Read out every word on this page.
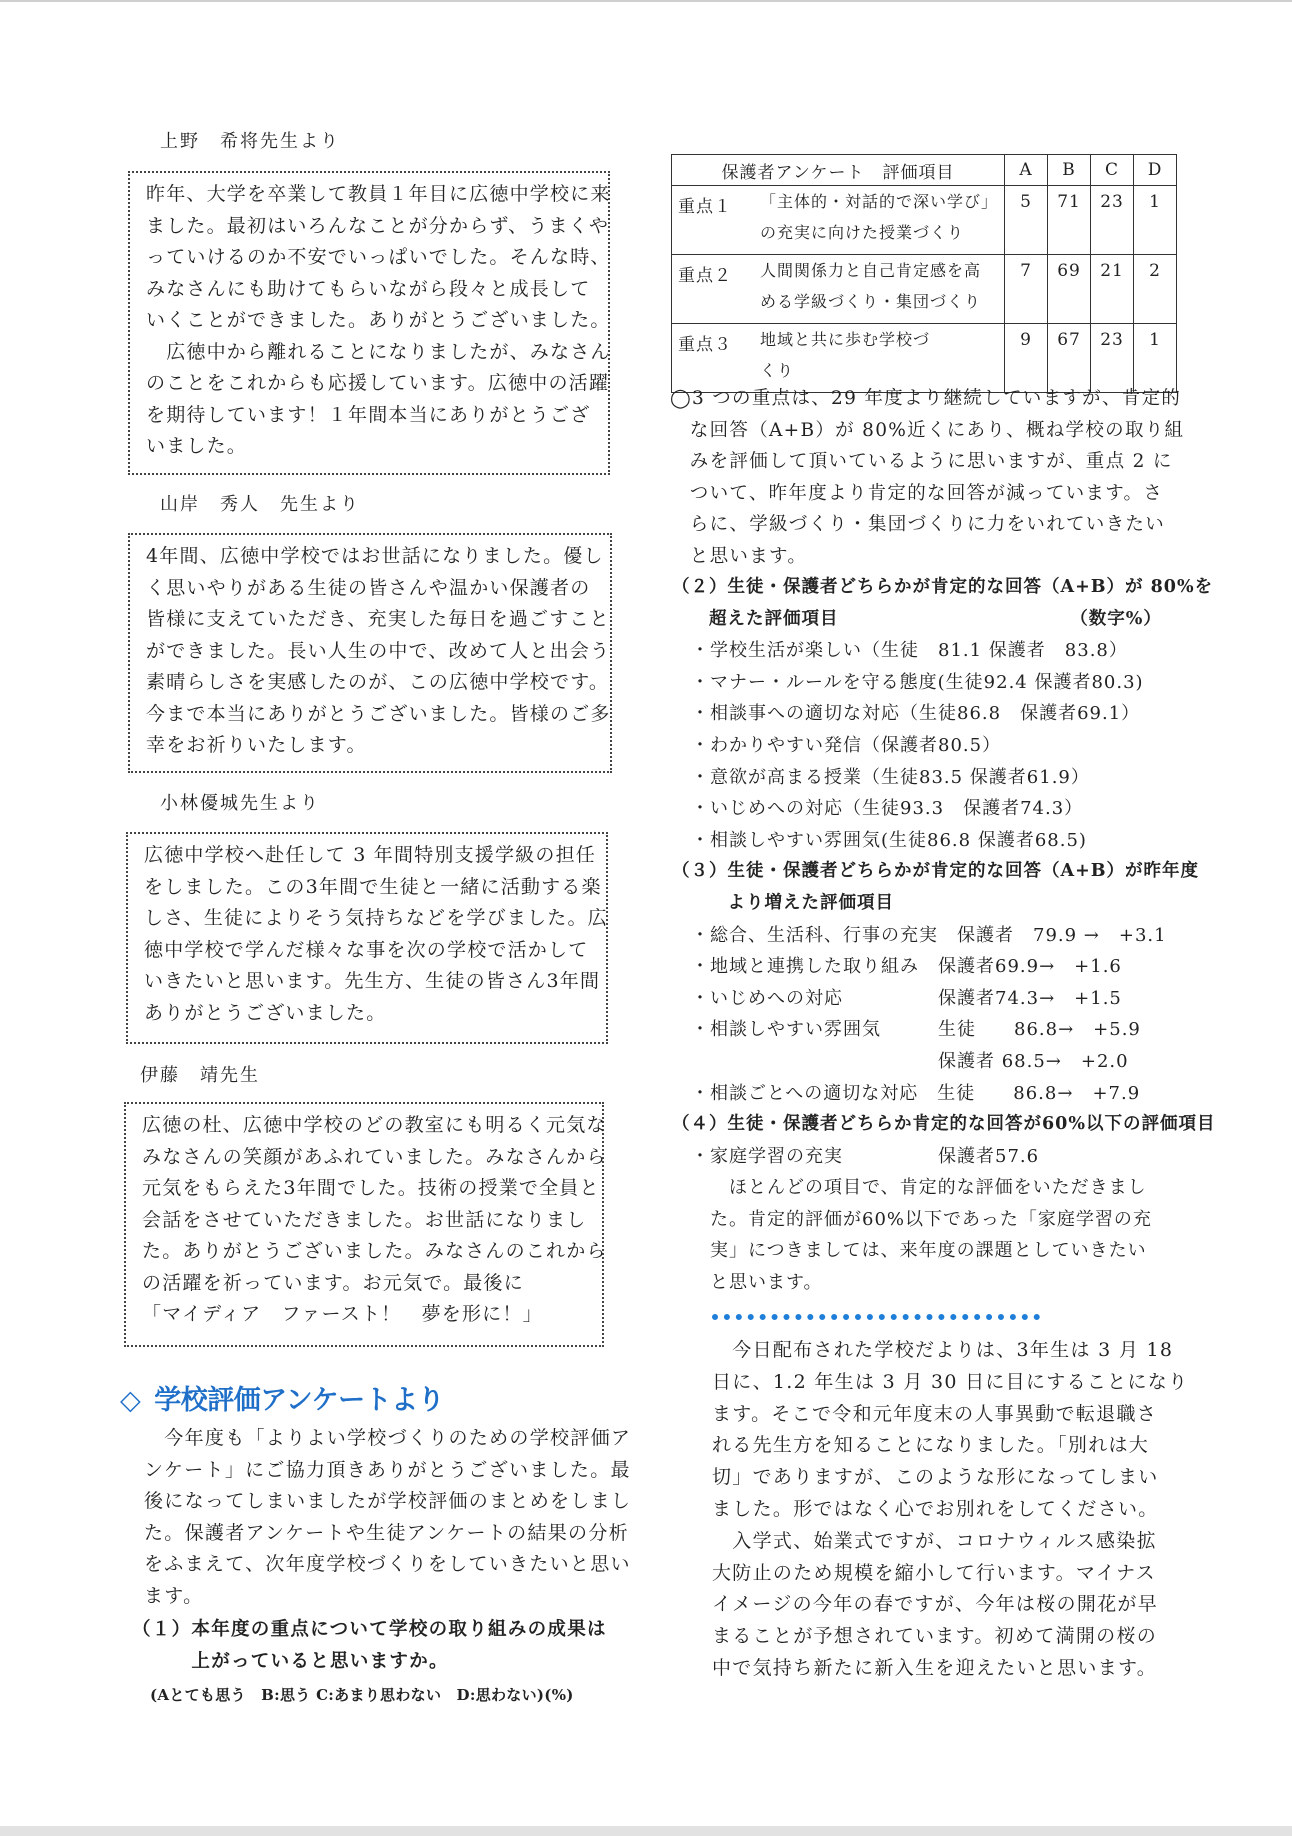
上野　希将先生より

昨年、大学を卒業して教員１年目に広徳中学校に来

ました。最初はいろんなことが分からず、うまくや

っていけるのか不安でいっぱいでした。そんな時、

みなさんにも助けてもらいながら段々と成長して

いくことができました。ありがとうございました。

　広徳中から離れることになりましたが、みなさん

のことをこれからも応援しています。広徳中の活躍

を期待しています！１年間本当にありがとうござ

いました。

山岸　秀人　先生より

4年間、広徳中学校ではお世話になりました。優し

く思いやりがある生徒の皆さんや温かい保護者の

皆様に支えていただき、充実した毎日を過ごすこと

ができました。長い人生の中で、改めて人と出会う

素晴らしさを実感したのが、この広徳中学校です。

今まで本当にありがとうございました。皆様のご多

幸をお祈りいたします。

小林優城先生より

広徳中学校へ赴任して 3 年間特別支援学級の担任

をしました。この3年間で生徒と一緒に活動する楽

しさ、生徒によりそう気持ちなどを学びました。広

徳中学校で学んだ様々な事を次の学校で活かして

いきたいと思います。先生方、生徒の皆さん3年間

ありがとうございました。

伊藤　靖先生

広徳の杜、広徳中学校のどの教室にも明るく元気な

みなさんの笑顔があふれていました。みなさんから

元気をもらえた3年間でした。技術の授業で全員と

会話をさせていただきました。お世話になりまし

た。ありがとうございました。みなさんのこれから

の活躍を祈っています。お元気で。最後に

「マイディア　ファースト！　夢を形に！」

◇ 学校評価アンケートより
　今年度も「よりよい学校づくりのための学校評価ア
ンケート」にご協力頂きありがとうございました。最
後になってしまいましたが学校評価のまとめをしまし
た。保護者アンケートや生徒アンケートの結果の分析
をふまえて、次年度学校づくりをしていきたいと思い
ます。
（１）本年度の重点について学校の取り組みの成果は
　　　上がっていると思いますか。
(Aとても思う　B:思う C:あまり思わない　D:思わない)(%)
保護者アンケート　評価項目		A	B	C	D
重点１	「主体的・対話的で深い学び」
の充実に向けた授業づくり	5	71	23	1
重点２	人間関係力と自己肯定感を高
める学級づくり・集団づくり	7	69	21	2
重点３	地域と共に歩む学校づ
くり	9	67	23	1
◯3 つの重点は、29 年度より継続していますが、肯定的
　な回答（A+B）が 80%近くにあり、概ね学校の取り組
　みを評価して頂いているように思いますが、重点 2 に
　ついて、昨年度より肯定的な回答が減っています。さ
　らに、学級づくり・集団づくりに力をいれていきたい
　と思います。
（２）生徒・保護者どちらかが肯定的な回答（A+B）が 80%を
　　超えた評価項目　　　　　　　　　　　　　（数字%）
　・学校生活が楽しい（生徒　81.1 保護者　83.8）
　・マナー・ルールを守る態度(生徒92.4 保護者80.3)
　・相談事への適切な対応（生徒86.8　保護者69.1）
　・わかりやすい発信（保護者80.5）
　・意欲が高まる授業（生徒83.5 保護者61.9）
　・いじめへの対応（生徒93.3　保護者74.3）
　・相談しやすい雰囲気(生徒86.8 保護者68.5)
（３）生徒・保護者どちらかが肯定的な回答（A+B）が昨年度
　　　より増えた評価項目
　・総合、生活科、行事の充実　保護者　79.9 →　+3.1
　・地域と連携した取り組み　保護者69.9→　+1.6
　・いじめへの対応　　　　　保護者74.3→　+1.5
　・相談しやすい雰囲気　　　生徒　　86.8→　+5.9
　　　　　　　　　　　　　　保護者 68.5→　+2.0
　・相談ごとへの適切な対応　生徒　　86.8→　+7.9
（４）生徒・保護者どちらか肯定的な回答が60%以下の評価項目
　・家庭学習の充実　　　　　保護者57.6
　　　ほとんどの項目で、肯定的な評価をいただきまし
　　た。肯定的評価が60%以下であった「家庭学習の充
　　実」につきましては、来年度の課題としていきたい
　　と思います。
　今日配布された学校だよりは、3年生は 3 月 18
日に、1.2 年生は 3 月 30 日に目にすることになり
ます。そこで令和元年度末の人事異動で転退職さ
れる先生方を知ることになりました。「別れは大
切」でありますが、このような形になってしまい
ました。形ではなく心でお別れをしてください。
　入学式、始業式ですが、コロナウィルス感染拡
大防止のため規模を縮小して行います。マイナス
イメージの今年の春ですが、今年は桜の開花が早
まることが予想されています。初めて満開の桜の
中で気持ち新たに新入生を迎えたいと思います。
